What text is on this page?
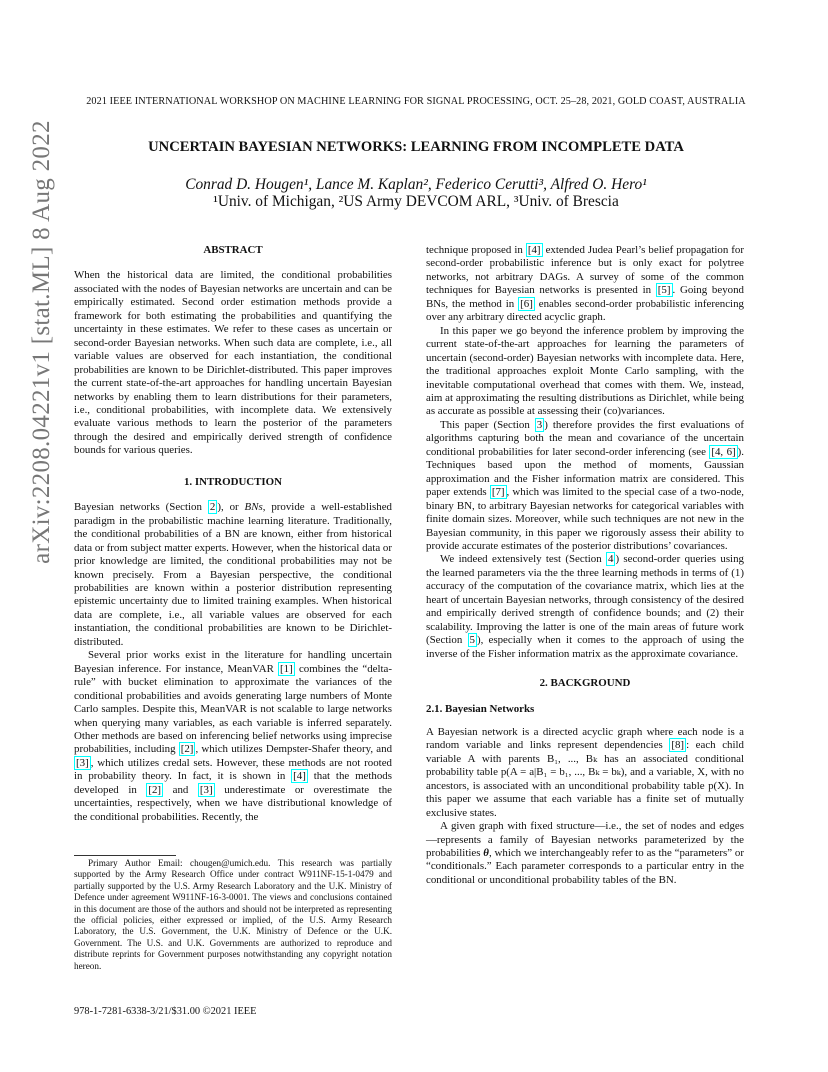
2021 IEEE INTERNATIONAL WORKSHOP ON MACHINE LEARNING FOR SIGNAL PROCESSING, OCT. 25–28, 2021, GOLD COAST, AUSTRALIA
UNCERTAIN BAYESIAN NETWORKS: LEARNING FROM INCOMPLETE DATA
Conrad D. Hougen¹, Lance M. Kaplan², Federico Cerutti³, Alfred O. Hero¹
¹Univ. of Michigan, ²US Army DEVCOM ARL, ³Univ. of Brescia
arXiv:2208.04221v1 [stat.ML] 8 Aug 2022	ABSTRACT

When the historical data are limited, the conditional probabilities associated with the nodes of Bayesian networks are uncertain and can be empirically estimated. Second order estimation methods provide a framework for both estimating the probabilities and quantifying the uncertainty in these estimates. We refer to these cases as uncertain or second-order Bayesian networks. When such data are complete, i.e., all variable values are observed for each instantiation, the conditional probabilities are known to be Dirichlet-distributed. This paper improves the current state-of-the-art approaches for handling uncertain Bayesian networks by enabling them to learn distributions for their parameters, i.e., conditional probabilities, with incomplete data. We extensively evaluate various methods to learn the posterior of the parameters through the desired and empirically derived strength of confidence bounds for various queries.

1. INTRODUCTION

Bayesian networks (Section 2 ), or BNs, provide a well-established paradigm in the probabilistic machine learning literature. Traditionally, the conditional probabilities of a BN are known, either from historical data or from subject matter experts. However, when the historical data or prior knowledge are limited, the conditional probabilities may not be known precisely. From a Bayesian perspective, the conditional probabilities are known within a posterior distribution representing epistemic uncertainty due to limited training examples. When historical data are complete, i.e., all variable values are observed for each instantiation, the conditional probabilities are known to be Dirichlet-distributed.

Several prior works exist in the literature for handling uncertain Bayesian inference. For instance, MeanVAR [1] combines the “delta-rule” with bucket elimination to approximate the variances of the conditional probabilities and avoids generating large numbers of Monte Carlo samples. Despite this, MeanVAR is not scalable to large networks when querying many variables, as each variable is inferred separately. Other methods are based on inferencing belief networks using imprecise probabilities, including [2] , which utilizes Dempster-Shafer theory, and [3] , which utilizes credal sets. However, these methods are not rooted in probability theory. In fact, it is shown in [4] that the methods developed in [2] and [3] underestimate or overestimate the uncertainties, respectively, when we have distributional knowledge of the conditional probabilities. Recently, the

Primary Author Email: chougen@umich.edu. This research was partially supported by the Army Research Office under contract W911NF-15-1-0479 and partially supported by the U.S. Army Research Laboratory and the U.K. Ministry of Defence under agreement W911NF-16-3-0001. The views and conclusions contained in this document are those of the authors and should not be interpreted as representing the official policies, either expressed or implied, of the U.S. Army Research Laboratory, the U.S. Government, the U.K. Ministry of Defence or the U.K. Government. The U.S. and U.K. Governments are authorized to reproduce and distribute reprints for Government purposes notwithstanding any copyright notation hereon.

978-1-7281-6338-3/21/$31.00 ©2021 IEEE

technique proposed in [4] extended Judea Pearl’s belief propagation for second-order probabilistic inference but is only exact for polytree networks, not arbitrary DAGs. A survey of some of the common techniques for Bayesian networks is presented in [5] . Going beyond BNs, the method in [6] enables second-order probabilistic inferencing over any arbitrary directed acyclic graph.

In this paper we go beyond the inference problem by improving the current state-of-the-art approaches for learning the parameters of uncertain (second-order) Bayesian networks with incomplete data. Here, the traditional approaches exploit Monte Carlo sampling, with the inevitable computational overhead that comes with them. We, instead, aim at approximating the resulting distributions as Dirichlet, while being as accurate as possible at assessing their (co)variances.

This paper (Section 3 ) therefore provides the first evaluations of algorithms capturing both the mean and covariance of the uncertain conditional probabilities for later second-order inferencing (see [4, 6] ). Techniques based upon the method of moments, Gaussian approximation and the Fisher information matrix are considered. This paper extends [7] , which was limited to the special case of a two-node, binary BN, to arbitrary Bayesian networks for categorical variables with finite domain sizes. Moreover, while such techniques are not new in the Bayesian community, in this paper we rigorously assess their ability to provide accurate estimates of the posterior distributions’ covariances.

We indeed extensively test (Section 4 ) second-order queries using the learned parameters via the the three learning methods in terms of (1) accuracy of the computation of the covariance matrix, which lies at the heart of uncertain Bayesian networks, through consistency of the desired and empirically derived strength of confidence bounds; and (2) their scalability. Improving the latter is one of the main areas of future work (Section 5 ), especially when it comes to the approach of using the inverse of the Fisher information matrix as the approximate covariance.

2. BACKGROUND
2.1. Bayesian Networks

A Bayesian network is a directed acyclic graph where each node is a random variable and links represent dependencies [8] : each child variable A with parents B₁, ..., Bₖ has an associated conditional probability table p(A = a|B₁ = b₁, ..., Bₖ = bₖ), and a variable, X, with no ancestors, is associated with an unconditional probability table p(X). In this paper we assume that each variable has a finite set of mutually exclusive states.

A given graph with fixed structure—i.e., the set of nodes and edges—represents a family of Bayesian networks parameterized by the probabilities θ, which we interchangeably refer to as the “parameters” or “conditionals.” Each parameter corresponds to a particular entry in the conditional or unconditional probability tables of the BN.
